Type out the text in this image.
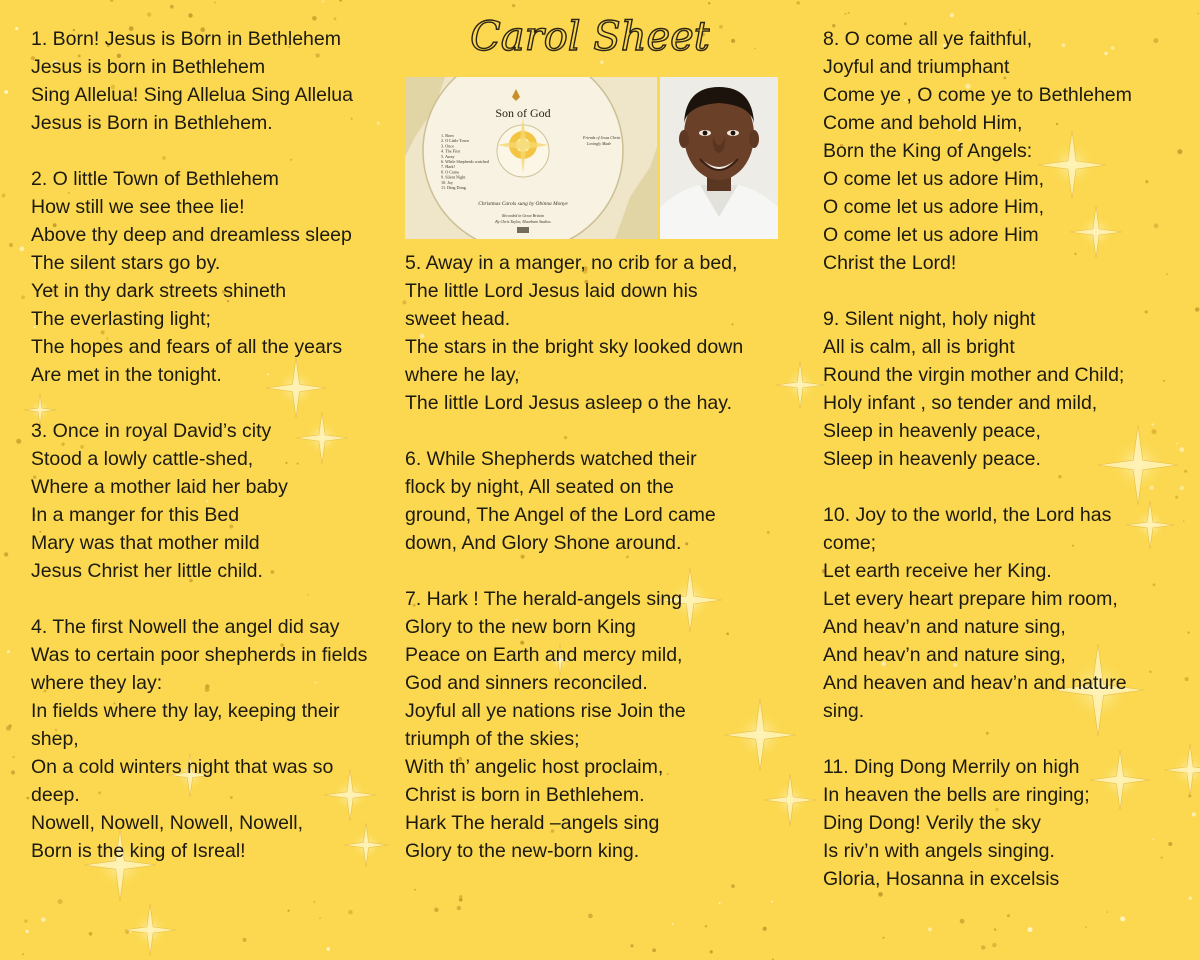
Carol Sheet
Son of God
1. Born
2. O Little Town
3. Once
4. The First
5. Away
6. While Shepherds watched
7. Hark!
8. O Come
9. Silent Night
10. Joy
11. Ding Dong
Friends of Jesus Christ
Lovingly Made
Christmas Carols sung by Obinna Monye
Recorded in Great Britain
By Chris Taylor, Maarham Studios
1. Born! Jesus is Born in Bethlehem
Jesus is born in Bethlehem
Sing Allelua! Sing Allelua Sing Allelua
Jesus is Born in Bethlehem.
2. O little Town of Bethlehem
How still we see thee lie!
Above thy deep and dreamless sleep
The silent stars go by.
Yet in thy dark streets shineth
The everlasting light;
The hopes and fears of all the years
Are met in the tonight.
3. Once in royal David’s city
Stood a lowly cattle-shed,
Where a mother laid her baby
In a manger for this Bed
Mary was that mother mild
Jesus Christ her little child.
4. The first Nowell the angel did say
Was to certain poor shepherds in fields
where they lay:
In fields where thy lay, keeping their
shep,
On a cold winters night that was so
deep.
Nowell, Nowell, Nowell, Nowell,
Born is the king of Isreal!
5. Away in a manger, no crib for a bed,
The little Lord Jesus laid down his
sweet head.
The stars in the bright sky looked down
where he lay,
The little Lord Jesus asleep o the hay.
6. While Shepherds watched their
flock by night, All seated on the
ground, The Angel of the Lord came
down, And Glory Shone around.
7. Hark ! The herald-angels sing
Glory to the new born King
Peace on Earth and mercy mild,
God and sinners reconciled.
Joyful all ye nations rise Join the
triumph of the skies;
With th’ angelic host proclaim,
Christ is born in Bethlehem.
Hark The herald –angels sing
Glory to the new-born king.
8. O come all ye faithful,
Joyful and triumphant
Come ye , O come ye to Bethlehem
Come and behold Him,
Born the King of Angels:
O come let us adore Him,
O come let us adore Him,
O come let us adore Him
Christ the Lord!
9. Silent night, holy night
All is calm, all is bright
Round the virgin mother and Child;
Holy infant , so tender and mild,
Sleep in heavenly peace,
Sleep in heavenly peace.
10. Joy to the world, the Lord has
come;
Let earth receive her King.
Let every heart prepare him room,
And heav’n and nature sing,
And heav’n and nature sing,
And heaven and heav’n and nature
sing.
11. Ding Dong Merrily on high
In heaven the bells are ringing;
Ding Dong! Verily the sky
Is riv’n with angels singing.
Gloria, Hosanna in excelsis
